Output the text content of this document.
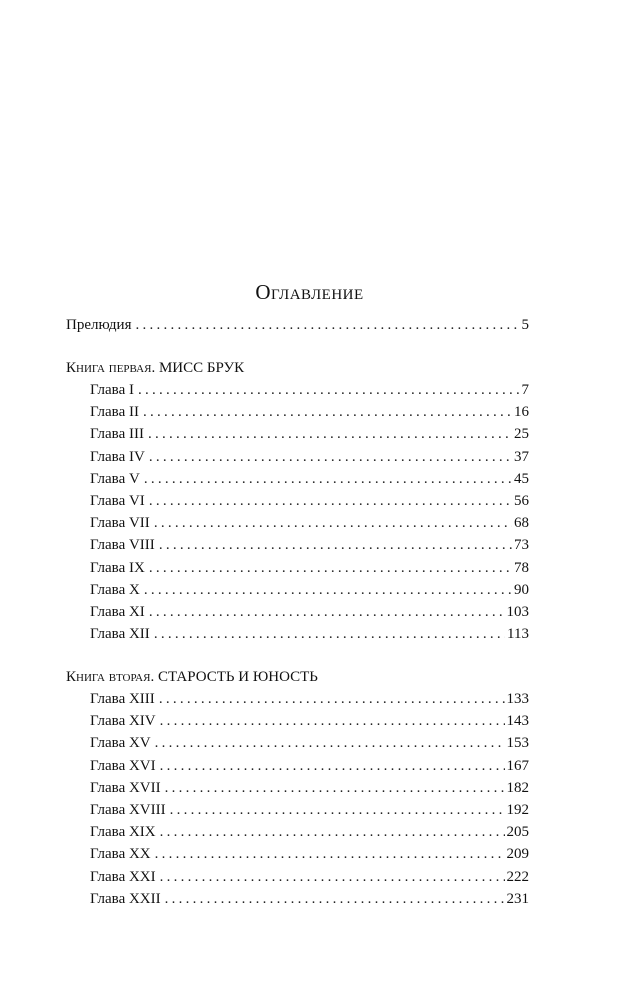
Оглавление
Прелюдия . . .	5
Книга первая. МИСС БРУК
Глава I . . .	7
Глава II . . .	16
Глава III . . .	25
Глава IV . . .	37
Глава V . . .	45
Глава VI . . .	56
Глава VII . . .	68
Глава VIII . . .	73
Глава IX . . .	78
Глава X . . .	90
Глава XI . . .	103
Глава XII . . .	113
Книга вторая. СТАРОСТЬ И ЮНОСТЬ
Глава XIII . . .	133
Глава XIV . . .	143
Глава XV . . .	153
Глава XVI . . .	167
Глава XVII . . .	182
Глава XVIII . . .	192
Глава XIX . . .	205
Глава XX . . .	209
Глава XXI . . .	222
Глава XXII . . .	231
